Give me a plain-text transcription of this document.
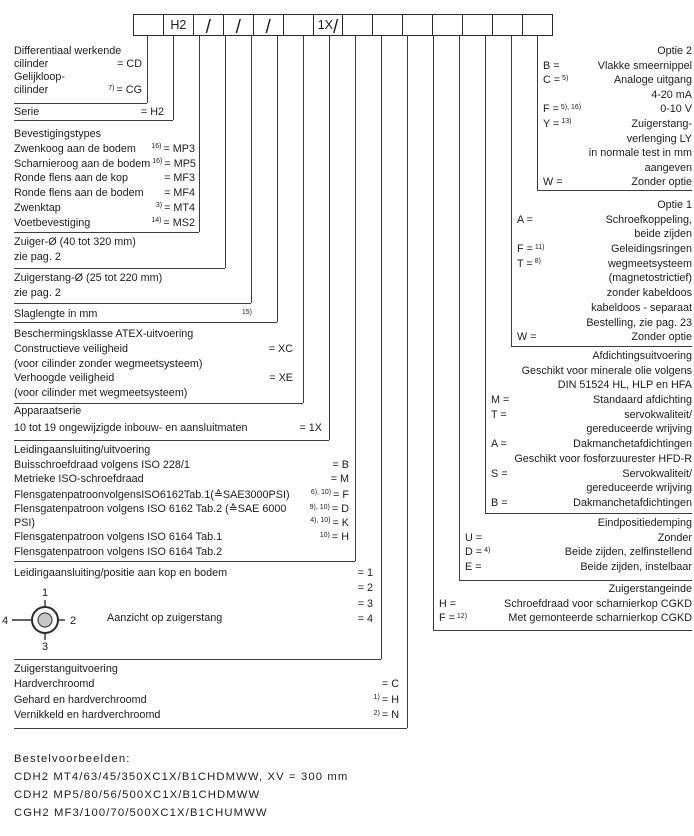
H2	/ / /	1X /
Differentiaal werkende
cilinder	= CD
Gelijkloop-
cilinder	7) = CG
Serie	= H2
Bevestigingstypes
Zwenkoog aan de bodem 16) = MP3
Scharnieroog aan de bodem 16) = MP5
Ronde flens aan de kop	= MF3
Ronde flens aan de bodem = MF4
Zwenktap	3) = MT4
Voetbevestiging	14) = MS2
Zuiger-Ø (40 tot 320 mm)
zie pag. 2
Zuigerstang-Ø (25 tot 220 mm)
zie pag. 2
Slaglengte in mm	15)
Beschermingsklasse ATEX-uitvoering
Constructieve veiligheid	= XC
(voor cilinder zonder wegmeetsysteem)
Verhoogde veiligheid	= XE
(voor cilinder met wegmeetsysteem)
Apparaatserie
10 tot 19 ongewijzigde inbouw- en aansluitmaten	= 1X
Leidingaansluiting/uitvoering
Buisschroefdraad volgens ISO 228/1	= B
Metrieke ISO-schroefdraad	= M
FlensgatenpatroonvolgensISO6162Tab.1(≙SAE3000PSI)	6), 10) = F
Flensgatenpatroon volgens ISO 6162 Tab.2 (≙SAE 6000	9), 10) = D
PSI)	4), 10) = K
Flensgatenpatroon volgens ISO 6164 Tab.1	10) = H
Flensgatenpatroon volgens ISO 6164 Tab.2
Leidingaansluiting/positie aan kop en bodem	= 1
= 2
= 3
= 4
Zuigerstanguitvoering
Hardverchroomd	= C
Gehard en hardverchroomd	1) = H
Vernikkeld en hardverchroomd	2) = N
Optie 2
B =	Vlakke smeernippel
C = 5)	Analoge uitgang
4-20 mA
F = 5), 16)	0-10 V
Y = 13)	Zuigerstang-
verlenging LY
in normale test in mm
aangeven
W =	Zonder optie
Optie 1
A =	Schroefkoppeling,
beide zijden
F = 11)	Geleidingsringen
T = 8)	wegmeetsysteem
(magnetostrictief)
zonder kabeldoos
kabeldoos - separaat
Bestelling, zie pag. 23
W =	Zonder optie
Afdichtingsuitvoering
Geschikt voor minerale olie volgens
DIN 51524 HL, HLP en HFA
M =	Standaard afdichting
T =	servokwaliteit/
gereduceerde wrijving
A =	Dakmanchetafdichtingen
Geschikt voor fosforzuurester HFD-R
S =	Servokwaliteit/
gereduceerde wrijving
B =	Dakmanchetafdichtingen
Eindpositiedemping
U =	Zonder
D = 4)	Beide zijden, zelfinstellend
E =	Beide zijden, instelbaar
Zuigerstangeinde
H =	Schroefdraad voor scharnierkop CGKD
F = 12)	Met gemonteerde scharnierkop CGKD
1
3
4	2	Aanzicht op zuigerstang
Bestelvoorbeelden:
CDH2 MT4/63/45/350XC1X/B1CHDMWW, XV = 300 mm
CDH2 MP5/80/56/500XC1X/B1CHDMWW
CGH2 MF3/100/70/500XC1X/B1CHUMWW
